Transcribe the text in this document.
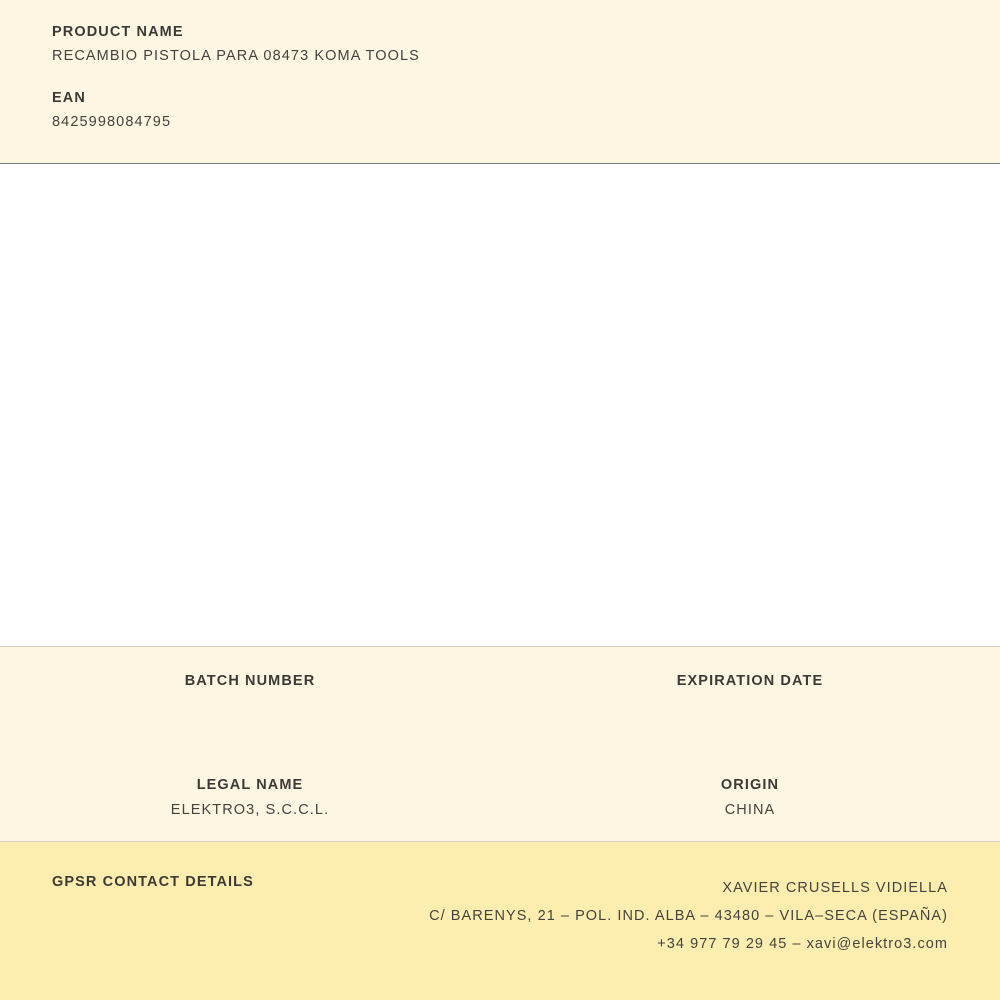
PRODUCT NAME
RECAMBIO PISTOLA PARA 08473 KOMA TOOLS
EAN
8425998084795
BATCH NUMBER	EXPIRATION DATE
LEGAL NAME
ELEKTRO3, S.C.C.L.
ORIGIN
CHINA
GPSR CONTACT DETAILS	XAVIER CRUSELLS VIDIELLA
C/ BARENYS, 21 – POL. IND. ALBA – 43480 – VILA–SECA (ESPAÑA)
+34 977 79 29 45 – xavi@elektro3.com
